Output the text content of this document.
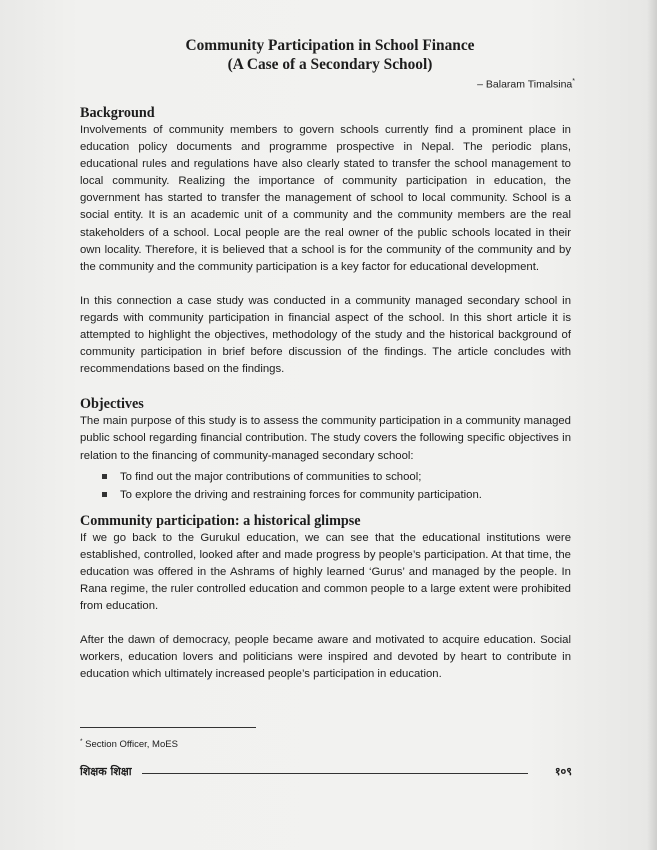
Community Participation in School Finance

(A Case of a Secondary School)

– Balaram Timalsina*
Background

Involvements of community members to govern schools currently find a prominent place in education policy documents and programme prospective in Nepal. The periodic plans, educational rules and regulations have also clearly stated to transfer the school management to local community. Realizing the importance of community participation in education, the government has started to transfer the management of school to local community. School is a social entity. It is an academic unit of a community and the community members are the real stakeholders of a school. Local people are the real owner of the public schools located in their own locality. Therefore, it is believed that a school is for the community of the community and by the community and the community participation is a key factor for educational development.

In this connection a case study was conducted in a community managed secondary school in regards with community participation in financial aspect of the school. In this short article it is attempted to highlight the objectives, methodology of the study and the historical background of community participation in brief before discussion of the findings. The article concludes with recommendations based on the findings.

Objectives

The main purpose of this study is to assess the community participation in a community managed public school regarding financial contribution. The study covers the following specific objectives in relation to the financing of community-managed secondary school:

To find out the major contributions of communities to school;
To explore the driving and restraining forces for community participation.
Community participation: a historical glimpse

If we go back to the Gurukul education, we can see that the educational institutions were established, controlled, looked after and made progress by people’s participation. At that time, the education was offered in the Ashrams of highly learned ‘Gurus’ and managed by the people. In Rana regime, the ruler controlled education and common people to a large extent were prohibited from education.

After the dawn of democracy, people became aware and motivated to acquire education. Social workers, education lovers and politicians were inspired and devoted by heart to contribute in education which ultimately increased people’s participation in education.

* Section Officer, MoES
शिक्षक शिक्षा	१०९
